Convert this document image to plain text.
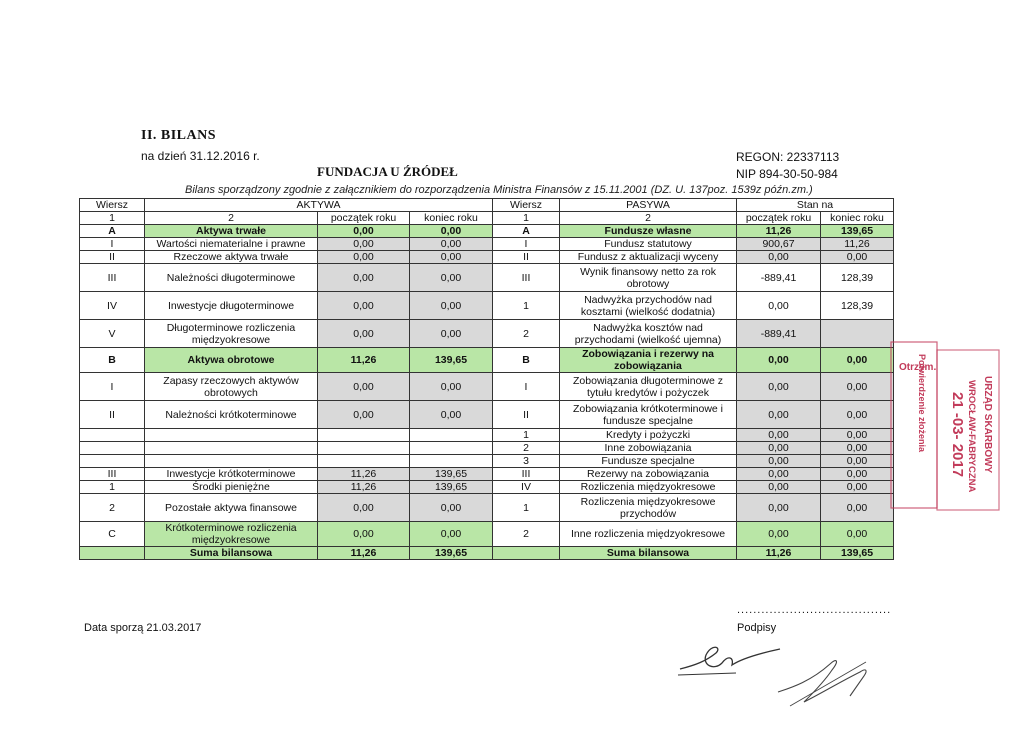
II. BILANS
na dzień 31.12.2016 r.
FUNDACJA U ŹRÓDEŁ
REGON: 22337113
NIP 894-30-50-984
Bilans sporządzony zgodnie z załącznikiem do rozporządzenia Ministra Finansów z 15.11.2001 (DZ. U. 137poz. 1539z późn.zm.)
Wiersz	AKTYWA			Wiersz	PASYWA	Stan na	
1	2	początek roku	koniec roku	1	2	początek roku	koniec roku
A	Aktywa trwałe	0,00	0,00	A	Fundusze własne	11,26	139,65
I	Wartości niematerialne i prawne	0,00	0,00	I	Fundusz statutowy	900,67	11,26
II	Rzeczowe aktywa trwałe	0,00	0,00	II	Fundusz z aktualizacji wyceny	0,00	0,00
III	Należności długoterminowe	0,00	0,00	III	Wynik finansowy netto za rok obrotowy	-889,41	128,39
IV	Inwestycje długoterminowe	0,00	0,00	1	Nadwyżka przychodów nad kosztami (wielkość dodatnia)	0,00	128,39
V	Długoterminowe rozliczenia międzyokresowe	0,00	0,00	2	Nadwyżka kosztów nad przychodami (wielkość ujemna)	-889,41	
B	Aktywa obrotowe	11,26	139,65	B	Zobowiązania i rezerwy na zobowiązania	0,00	0,00
I	Zapasy rzeczowych aktywów obrotowych	0,00	0,00	I	Zobowiązania długoterminowe z tytułu kredytów i pożyczek	0,00	0,00
II	Należności krótkoterminowe	0,00	0,00	II	Zobowiązania krótkoterminowe i fundusze specjalne	0,00	0,00
				1	Kredyty i pożyczki	0,00	0,00
				2	Inne zobowiązania	0,00	0,00
				3	Fundusze specjalne	0,00	0,00
III	Inwestycje krótkoterminowe	11,26	139,65	III	Rezerwy na zobowiązania	0,00	0,00
1	Środki pieniężne	11,26	139,65	IV	Rozliczenia międzyokresowe	0,00	0,00
2	Pozostałe aktywa finansowe	0,00	0,00	1	Rozliczenia międzyokresowe przychodów	0,00	0,00
C	Krótkoterminowe rozliczenia międzyokresowe	0,00	0,00	2	Inne rozliczenia międzyokresowe	0,00	0,00
	Suma bilansowa	11,26	139,65		Suma bilansowa	11,26	139,65
Data sporzą 21.03.2017
......................................
Podpisy
Potwierdzenie złożenia
Otrzym.
21 -03- 2017 URZĄD SKARBOWY
WROCŁAW-FABRYCZNA
